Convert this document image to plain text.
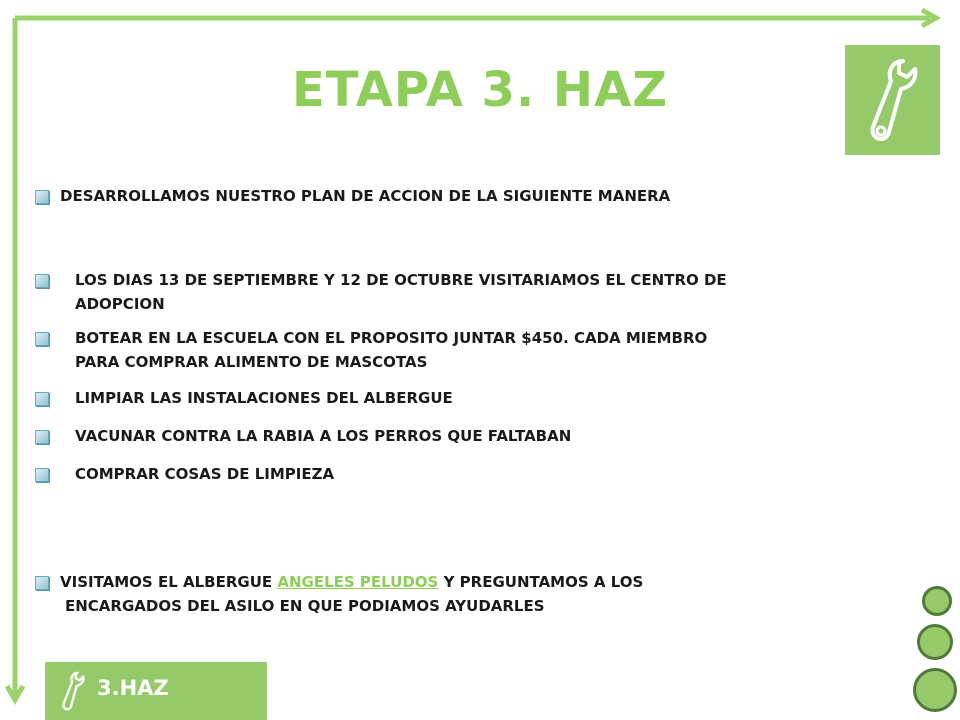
ETAPA 3. HAZ
DESARROLLAMOS NUESTRO PLAN DE ACCION DE LA SIGUIENTE MANERA
LOS DIAS 13 DE SEPTIEMBRE Y 12 DE OCTUBRE VISITARIAMOS EL CENTRO DE
ADOPCION
BOTEAR EN LA ESCUELA CON EL PROPOSITO JUNTAR $450. CADA MIEMBRO
PARA COMPRAR ALIMENTO DE MASCOTAS
LIMPIAR LAS INSTALACIONES DEL ALBERGUE
VACUNAR CONTRA LA RABIA A LOS PERROS QUE FALTABAN
COMPRAR COSAS DE LIMPIEZA
VISITAMOS EL ALBERGUE ANGELES PELUDOS Y PREGUNTAMOS A LOS
ENCARGADOS DEL ASILO EN QUE PODIAMOS AYUDARLES
3.HAZ
